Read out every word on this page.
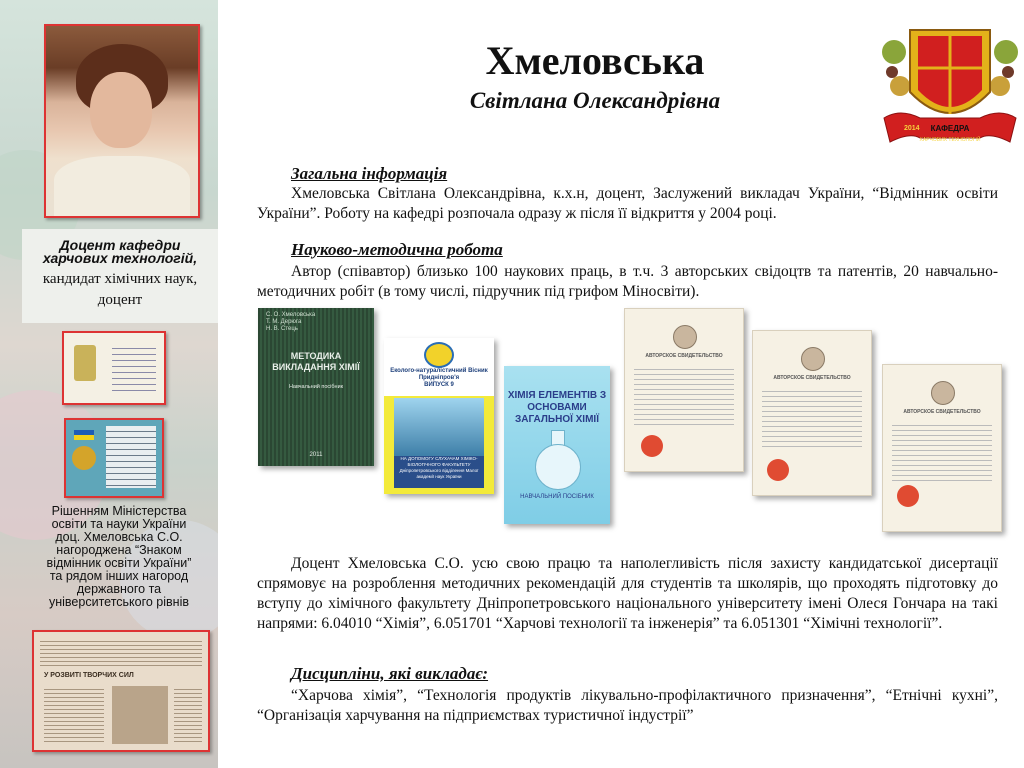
Доцент кафедри
харчових технологій,
кандидат хімічних наук,
доцент
Рішенням Міністерства
освіти та науки України
доц. Хмеловська С.О.
нагороджена “Знаком
відмінник освіти України”
та рядом інших нагород
державного та
університетського рівнів
У РОЗВИТІ ТВОРЧИХ СИЛ
Хмеловська
Світлана Олександрівна
2014 КАФЕДРА
ХАРЧОВИХ ТЕХНОЛОГІЙ
Загальна інформація
Хмеловська Світлана Олександрівна, к.х.н, доцент, Заслужений викладач України, “Відмінник освіти України”. Роботу на кафедрі розпочала одразу ж після її відкриття у 2004 році.
Науково-методична робота
Автор (співавтор) близько 100 наукових праць, в т.ч. 3 авторських свідоцтв та патентів, 20 навчально-методичних робіт (в тому числі, підручник під грифом Міносвіти).
С. О. Хмеловська
Т. М. Дерюга
Н. В. Стець
МЕТОДИКА ВИКЛАДАННЯ ХІМІЇ
Навчальний посібник
2011
Еколого-натуралістичний Вісник Придніпров'я
ВИПУСК 9
НА ДОПОМОГУ СЛУХАЧАМ ХІМІКО-БІОЛОГІЧНОГО ФАКУЛЬТЕТУ Дніпропетровського відділення Малої академії наук України
ХІМІЯ ЕЛЕМЕНТІВ З ОСНОВАМИ ЗАГАЛЬНОЇ ХІМІЇ
НАВЧАЛЬНИЙ ПОСІБНИК
АВТОРСКОЕ СВИДЕТЕЛЬСТВО
АВТОРСКОЕ СВИДЕТЕЛЬСТВО
АВТОРСКОЕ СВИДЕТЕЛЬСТВО
Доцент Хмеловська С.О. усю свою працю та наполегливість після захисту кандидатської дисертації спрямовує на розроблення методичних рекомендацій для студентів та школярів, що проходять підготовку до вступу до хімічного факультету Дніпропетровського національного університету імені Олеся Гончара на такі напрями: 6.04010 “Хімія”, 6.051701 “Харчові технології та інженерія” та 6.051301 “Хімічні технології”.
Дисципліни, які викладає:
“Харчова хімія”, “Технологія продуктів лікувально-профілактичного призначення”, “Етнічні кухні”, “Організація харчування на підприємствах туристичної індустрії”
